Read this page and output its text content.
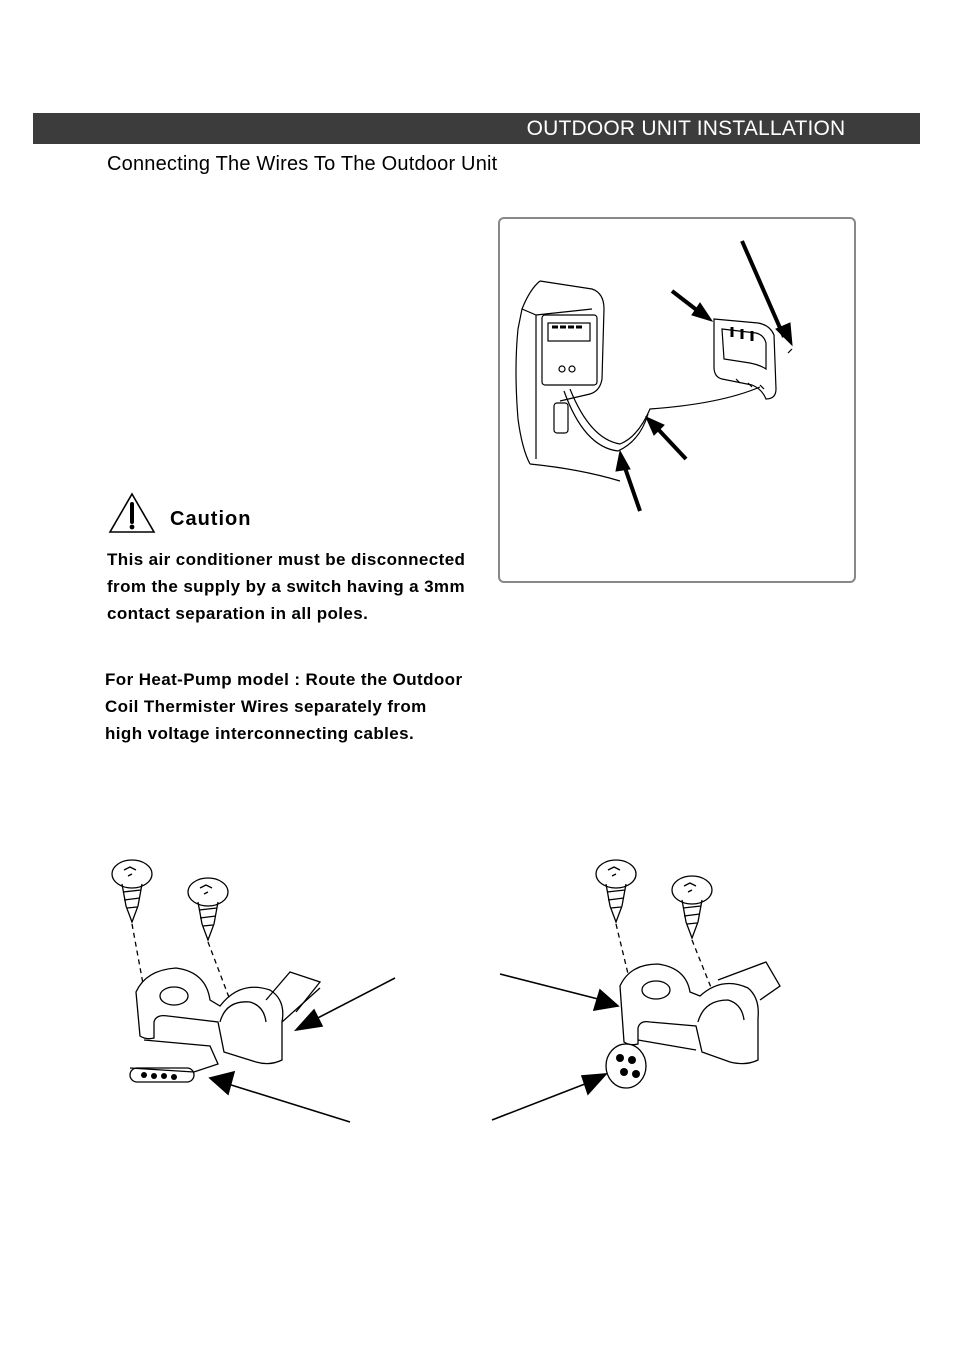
OUTDOOR UNIT INSTALLATION
Connecting The Wires To The Outdoor Unit
Caution
This air conditioner must be disconnected from the supply by a switch having a 3mm contact separation in all poles.
For Heat-Pump model : Route the Outdoor Coil Thermister Wires separately from high voltage interconnecting cables.
